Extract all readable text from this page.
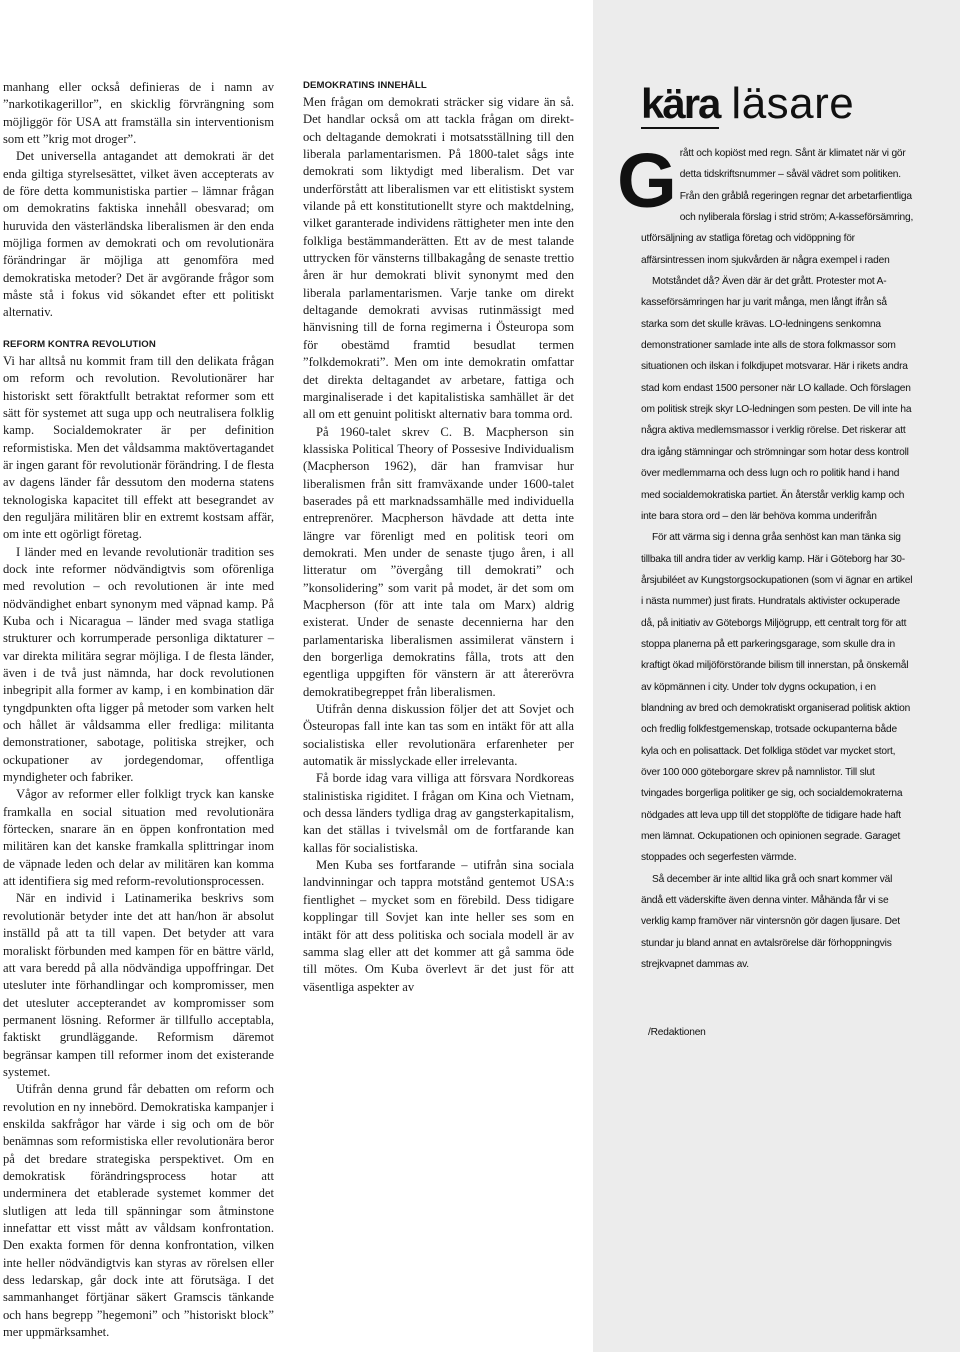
manhang eller också definieras de i namn av ”narkotikagerillor”, en skicklig förvrängning som möjliggör för USA att framställa sin interventionism som ett ”krig mot droger”.

Det universella antagandet att demokrati är det enda giltiga styrelsesättet, vilket även accepterats av de före detta kommunistiska partier – lämnar frågan om demokratins faktiska innehåll obesvarad; om huruvida den västerländska liberalismen är den enda möjliga formen av demokrati och om revolutionära förändringar är möjliga att genomföra med demokratiska metoder? Det är avgörande frågor som måste stå i fokus vid sökandet efter ett politiskt alternativ.

REFORM KONTRA REVOLUTION

Vi har alltså nu kommit fram till den delikata frågan om reform och revolution. Revolutionärer har historiskt sett föraktfullt betraktat reformer som ett sätt för systemet att suga upp och neutralisera folklig kamp. Socialdemokrater är per definition reformistiska. Men det våldsamma maktövertagandet är ingen garant för revolutionär förändring. I de flesta av dagens länder får dessutom den moderna statens teknologiska kapacitet till effekt att besegrandet av den reguljära militären blir en extremt kostsam affär, om inte ett ogörligt företag.

I länder med en levande revolutionär tradition ses dock inte reformer nödvändigtvis som oförenliga med revolution – och revolutionen är inte med nödvändighet enbart synonym med väpnad kamp. På Kuba och i Nicaragua – länder med svaga statliga strukturer och korrumperade personliga diktaturer – var direkta militära segrar möjliga. I de flesta länder, även i de två just nämnda, har dock revolutionen inbegripit alla former av kamp, i en kombination där tyngdpunkten ofta ligger på metoder som varken helt och hållet är våldsamma eller fredliga: militanta demonstrationer, sabotage, politiska strejker, och ockupationer av jordegendomar, offentliga myndigheter och fabriker.

Vågor av reformer eller folkligt tryck kan kanske framkalla en social situation med revolutionära förtecken, snarare än en öppen konfrontation med militären kan det kanske framkalla splittringar inom de väpnade leden och delar av militären kan komma att identifiera sig med reform-revolutionsprocessen.

När en individ i Latinamerika beskrivs som revolutionär betyder inte det att han/hon är absolut inställd på att ta till vapen. Det betyder att vara moraliskt förbunden med kampen för en bättre värld, att vara beredd på alla nödvändiga uppoffringar. Det utesluter inte förhandlingar och kompromisser, men det utesluter accepterandet av kompromisser som permanent lösning. Reformer är tillfullo acceptabla, faktiskt grundläggande. Reformism däremot begränsar kampen till reformer inom det existerande systemet.

Utifrån denna grund får debatten om reform och revolution en ny innebörd. Demokratiska kampanjer i enskilda sakfrågor har värde i sig och om de bör benämnas som reformistiska eller revolutionära beror på det bredare strategiska perspektivet. Om en demokratisk förändringsprocess hotar att underminera det etablerade systemet kommer det slutligen att leda till spänningar som åtminstone innefattar ett visst mått av våldsam konfrontation. Den exakta formen för denna konfrontation, vilken inte heller nödvändigtvis kan styras av rörelsen eller dess ledarskap, går dock inte att förutsäga. I det sammanhanget förtjänar säkert Gramscis tänkande och hans begrepp ”hegemoni” och ”historiskt block” mer uppmärksamhet.

DEMOKRATINS INNEHÅLL

Men frågan om demokrati sträcker sig vidare än så. Det handlar också om att tackla frågan om direkt- och deltagande demokrati i motsatsställning till den liberala parlamentarismen. På 1800-talet sågs inte demokrati som liktydigt med liberalism. Det var underförstått att liberalismen var ett elitistiskt system vilande på ett konstitutionellt styre och maktdelning, vilket garanterade individens rättigheter men inte den folkliga bestämmanderätten. Ett av de mest talande uttrycken för vänsterns tillbakagång de senaste trettio åren är hur demokrati blivit synonymt med den liberala parlamentarismen. Varje tanke om direkt deltagande demokrati avvisas rutinmässigt med hänvisning till de forna regimerna i Östeuropa som för obestämd framtid besudlat termen ”folkdemokrati”. Men om inte demokratin omfattar det direkta deltagandet av arbetare, fattiga och marginaliserade i det kapitalistiska samhället är det all om ett genuint politiskt alternativ bara tomma ord.

På 1960-talet skrev C. B. Macpherson sin klassiska Political Theory of Possesive Individualism (Macpherson 1962), där han framvisar hur liberalismen från sitt framväxande under 1600-talet baserades på ett marknadssamhälle med individuella entreprenörer. Macpherson hävdade att detta inte längre var förenligt med en politisk teori om demokrati. Men under de senaste tjugo åren, i all litteratur om ”övergång till demokrati” och ”konsolidering” som varit på modet, är det som om Macpherson (för att inte tala om Marx) aldrig existerat. Under de senaste decennierna har den parlamentariska liberalismen assimilerat vänstern i den borgerliga demokratins fålla, trots att den egentliga uppgiften för vänstern är att återerövra demokratibegreppet från liberalismen.

Utifrån denna diskussion följer det att Sovjet och Östeuropas fall inte kan tas som en intäkt för att alla socialistiska eller revolutionära erfarenheter per automatik är misslyckade eller irrelevanta.

Få borde idag vara villiga att försvara Nordkoreas stalinistiska rigiditet. I frågan om Kina och Vietnam, och dessa länders tydliga drag av gangsterkapitalism, kan det ställas i tvivelsmål om de fortfarande kan kallas för socialistiska.

Men Kuba ses fortfarande – utifrån sina sociala landvinningar och tappra motstånd gentemot USA:s fientlighet – mycket som en förebild. Dess tidigare kopplingar till Sovjet kan inte heller ses som en intäkt för att dess politiska och sociala modell är av samma slag eller att det kommer att gå samma öde till mötes. Om Kuba överlevt är det just för att väsentliga aspekter av

kära läsare

Grått och kopiöst med regn. Sånt är klimatet när vi gör detta tidskriftsnummer – såväl vädret som politiken. Från den gråblå regeringen regnar det arbetarfientliga och nyliberala förslag i strid ström; A-kasseförsämring, utförsäljning av statliga företag och vidöppning för affärsintressen inom sjukvården är några exempel i raden

Motståndet då? Även där är det grått. Protester mot A-kasseförsämringen har ju varit många, men långt ifrån så starka som det skulle krävas. LO-ledningens senkomna demonstrationer samlade inte alls de stora folkmassor som situationen och ilskan i folkdjupet motsvarar. Här i rikets andra stad kom endast 1500 personer när LO kallade. Och förslagen om politisk strejk skyr LO-ledningen som pesten. De vill inte ha några aktiva medlemsmassor i verklig rörelse. Det riskerar att dra igång stämningar och strömningar som hotar dess kontroll över medlemmarna och dess lugn och ro politik hand i hand med socialdemokratiska partiet. Än återstår verklig kamp och inte bara stora ord – den lär behöva komma underifrån

För att värma sig i denna gråa senhöst kan man tänka sig tillbaka till andra tider av verklig kamp. Här i Göteborg har 30-årsjubiléet av Kungstorgsockupationen (som vi ägnar en artikel i nästa nummer) just firats. Hundratals aktivister ockuperade då, på initiativ av Göteborgs Miljögrupp, ett centralt torg för att stoppa planerna på ett parkeringsgarage, som skulle dra in kraftigt ökad miljöförstörande bilism till innerstan, på önskemål av köpmännen i city. Under tolv dygns ockupation, i en blandning av bred och demokratiskt organiserad politisk aktion och fredlig folkfestgemenskap, trotsade ockupanterna både kyla och en polisattack. Det folkliga stödet var mycket stort, över 100 000 göteborgare skrev på namnlistor. Till slut tvingades borgerliga politiker ge sig, och socialdemokraterna nödgades att leva upp till det stopplöfte de tidigare hade haft men lämnat. Ockupationen och opinionen segrade. Garaget stoppades och segerfesten värmde.

Så december är inte alltid lika grå och snart kommer väl ändå ett väderskifte även denna vinter. Måhända får vi se verklig kamp framöver när vintersnön gör dagen ljusare. Det stundar ju bland annat en avtalsrörelse där förhoppningvis strejkvapnet dammas av.

/Redaktionen
